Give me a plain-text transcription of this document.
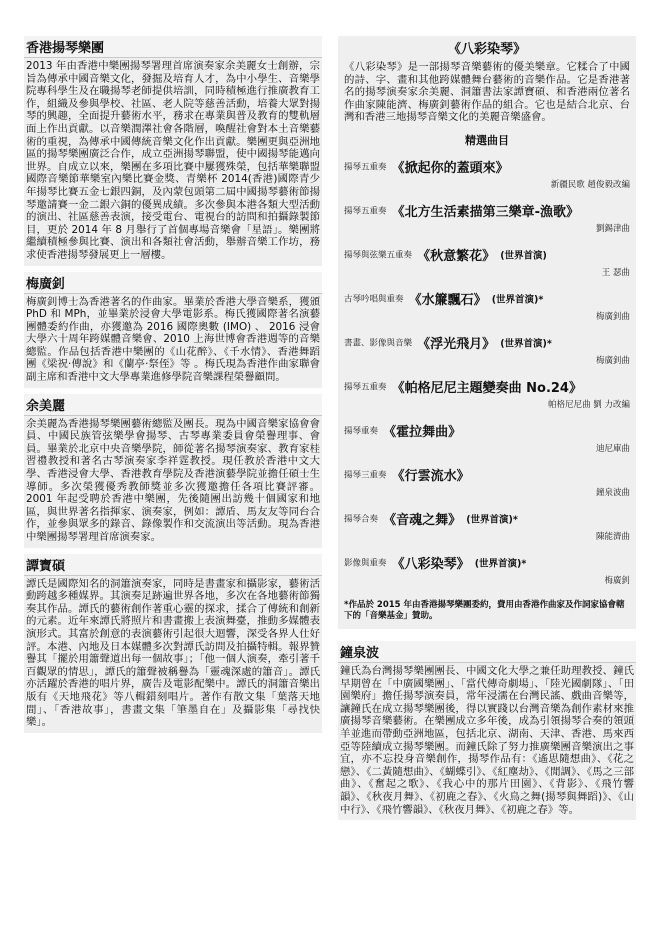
香港揚琴樂團

2013 年由香港中樂團揚琴署理首席演奏家余美麗女士創辦，宗旨為傳承中國音樂文化，發掘及培育人才，為中小學生、音樂學院專科學生及在職揚琴老師提供培訓，同時積極進行推廣教育工作，組織及參與學校、社區、老人院等慈善活動，培養大眾對揚琴的興趣，全面提升藝術水平，務求在專業與普及教育的雙軌層面上作出貢獻。以音樂潤澤社會各階層，喚醒社會對本土音樂藝術的重視，為傳承中國傳統音樂文化作出貢獻。樂團更與亞洲地區的揚琴樂團廣泛合作，成立亞洲揚琴聯盟，使中國揚琴能邁向世界。自成立以來，樂團在多項比賽中屢獲殊榮，包括華樂聯盟國際音樂節華樂室內樂比賽金獎、青樂杯 2014(香港)國際青少年揚琴比賽五金七銀四銅，及內蒙包頭第二屆中國揚琴藝術節揚琴邀請賽一金二銀六銅的優異成績。多次參與本港各類大型活動的演出、社區慈善表演，接受電台、電視台的訪問和拍攝錄製節目，更於 2014 年 8 月舉行了首個專場音樂會「星語」。樂團將繼續積極參與比賽、演出和各類社會活動，舉辦音樂工作坊，務求使香港揚琴發展更上一層樓。

梅廣釗

梅廣釗博士為香港著名的作曲家。畢業於香港大學音樂系，獲頒 PhD 和 MPh，並畢業於浸會大學電影系。梅氏獲國際著名演藝團體委約作曲，亦獲邀為 2016 國際奧數 (IMO) 、 2016 浸會大學六十周年跨媒體音樂會、2010 上海世博會香港週等的音樂總監。作品包括香港中樂團的《山花醉》、《千水情》、香港舞蹈團《梁祝‧傳說》和《蘭亭‧祭侄》等 。梅氏現為香港作曲家聯會副主席和香港中文大學專業進修學院音樂課程榮譽顧問。

余美麗

余美麗為香港揚琴樂團藝術總監及團長。現為中國音樂家協會會員、中國民族管弦樂學會揚琴、古琴專業委員會榮譽理事、會員。畢業於北京中央音樂學院，師從著名揚琴演奏家、教育家桂習禮教授和著名古琴演奏家李祥霆教授。現任教於香港中文大學、香港浸會大學、香港教育學院及香港演藝學院並擔任碩士生導師。多次榮獲優秀教師獎並多次獲邀擔任各項比賽評審。2001 年起受聘於香港中樂團，先後隨團出訪幾十個國家和地區，與世界著名指揮家、演奏家，例如：譚盾、馬友友等同台合作，並參與眾多的錄音、錄像製作和交流演出等活動。現為香港中樂團揚琴署理首席演奏家。

譚寶碩

譚氏是國際知名的洞簫演奏家，同時是書畫家和攝影家，藝術活動跨越多種媒界。其演奏足跡遍世界各地，多次在各地藝術節獨奏其作品。譚氏的藝術創作著重心靈的探求，揉合了傳統和創新的元素。近年來譚氏將照片和書畫搬上表演舞臺，推動多媒體表演形式。其富於創意的表演藝術引起很大迴響，深受各界人仕好評。本港、內地及日本媒體多次對譚氏訪問及拍攝特輯。報界贊譽其「擺於用簫聲道出每一個故事」；「他一個人演奏，牽引著千百觀眾的情思」，譚氏的簫聲被稱譽為「靈魂深處的簫音」。譚氏亦活躍於香港的唱片界，廣告及電影配樂中。譚氏的洞簫音樂出版有《天地飛花》等八輯錯刻唱片。著作有散文集「葉落天地間」、「香港故事」，書畫文集「筆墨自在」及攝影集「尋找快樂」。

《八彩染琴》
《八彩染琴》是一部揚琴音樂藝術的優美樂章。它糅合了中國的詩、字、畫和其他跨媒體舞台藝術的音樂作品。它是香港著名的揚琴演奏家余美麗、洞簫書法家譚寶碩、和香港兩位著名作曲家陳能濟、梅廣釗藝術作品的組合。它也是結合北京、台灣和香港三地揚琴音樂文化的美麗音樂盛會。
精選曲目
揚琴五重奏 《掀起你的蓋頭來》
新疆民歌 趙俊毅改編
揚琴五重奏 《北方生活素描第三樂章-漁歌》
劉錫津曲
揚琴與弦樂五重奏 《秋意繁花》 (世界首演)
王 瑟曲
古琴吟唱與重奏 《水簾飄石》 (世界首演)*
梅廣釗曲
書畫、影像與音樂 《浮光飛月》 (世界首演)*
梅廣釗曲
揚琴五重奏 《帕格尼尼主題變奏曲 No.24》
帕格尼尼曲 劉 力改編
揚琴重奏 《霍拉舞曲》
迪尼庫曲
揚琴三重奏 《行雲流水》
鐘泉波曲
揚琴合奏 《音魂之舞》 (世界首演)*
陳能濟曲
影像與重奏 《八彩染琴》 (世界首演)*
梅廣釗
*作品於 2015 年由香港揚琴樂團委約，費用由香港作曲家及作詞家協會轄下的「音樂基金」贊助。
鐘泉波

鐘氏為台灣揚琴樂團團長、中國文化大學之兼任助理教授、鐘氏早期曾在「中廣國樂團」、「當代傳奇劇場」、「陸光國劇隊」、「田園樂府」擔任揚琴演奏員，常年浸濡在台灣民謠、戲曲音樂等，讓鐘氏在成立揚琴樂團後，得以實踐以台灣音樂為創作素材來推廣揚琴音樂藝術。在樂團成立多年後，成為引領揚琴合奏的領頭羊並進而帶動亞洲地區，包括北京、湖南、天津、香港、馬來西亞等陸續成立揚琴樂團。而鐘氏除了努力推廣樂團音樂演出之事宜，亦不忘投身音樂創作，揚琴作品有：《遙思隨想曲》、《花之戀》、《二黃隨想曲》、《蝴蝶引》、《紅塵劫》、《閒調》、《馬之三部曲》、《奮起之歌》、《我心中的那片田園》、《背影》、《飛竹響韻》、《秋夜月舞》、《初鹿之春》、《火鳥之舞(揚琴與舞蹈)》、《山中行》、《飛竹響韻》、《秋夜月舞》、《初鹿之春》等。
